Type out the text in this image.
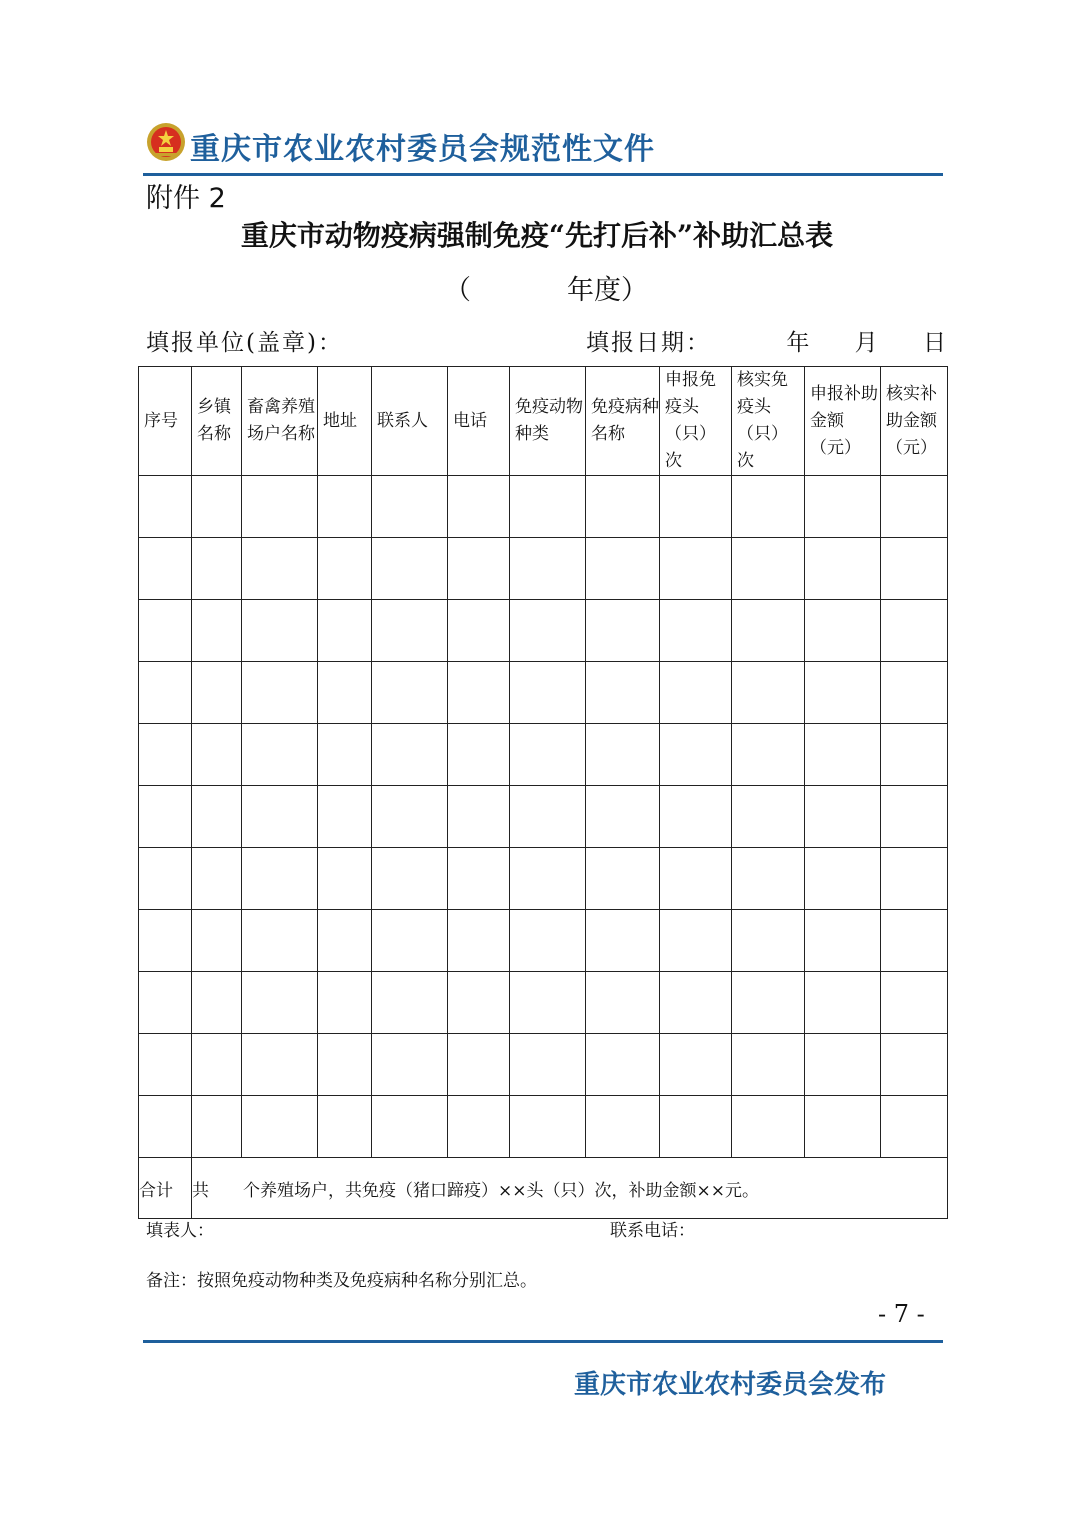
重庆市农业农村委员会规范性文件
附件 2
重庆市动物疫病强制免疫“先打后补”补助汇总表
（	年度）
填报单位(盖章)：	填报日期：	年 月 日
序号	乡镇名称	畜禽养殖场户名称	地址	联系人	电话	免疫动物种类	免疫病种名称	申报免疫头（只）次	核实免疫头（只）次	申报补助金额（元）	核实补助金额（元）

合计	共　　个养殖场户，共免疫（猪口蹄疫）××头（只）次，补助金额××元。										
填表人：	联系电话：
备注：按照免疫动物种类及免疫病种名称分别汇总。
- 7 -
重庆市农业农村委员会发布
